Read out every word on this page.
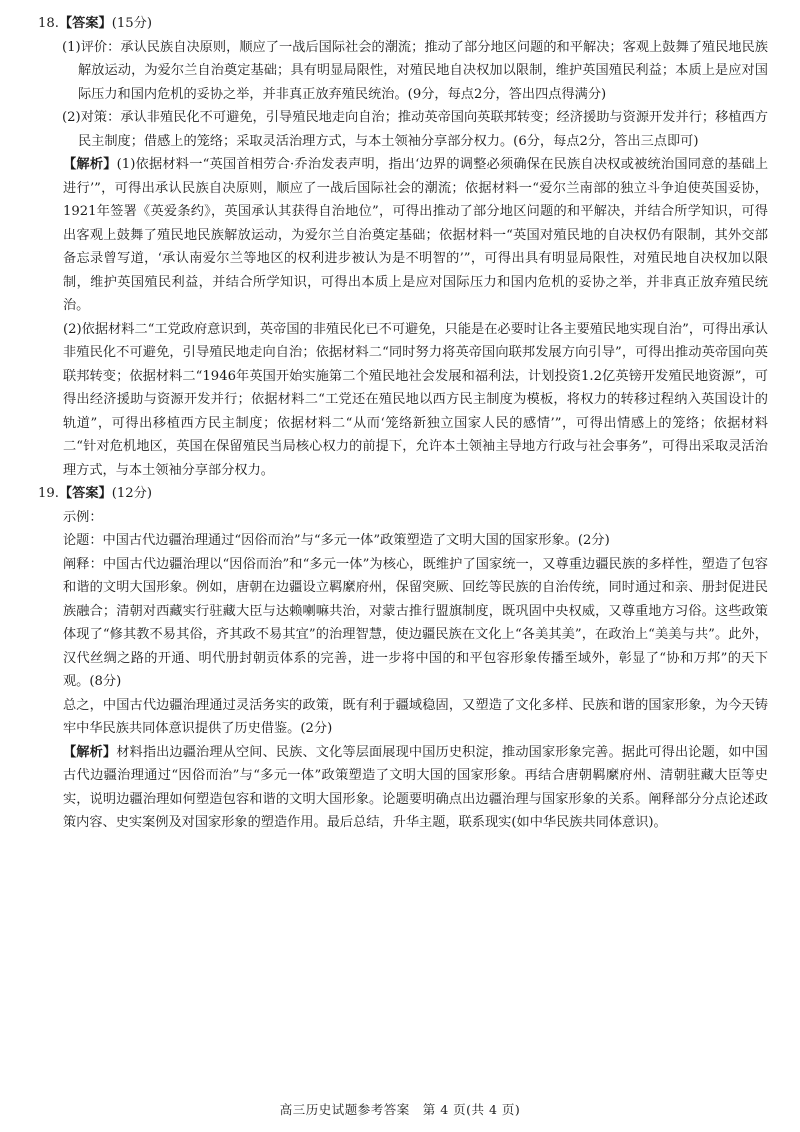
18.【答案】(15分)

(1)评价：承认民族自决原则，顺应了一战后国际社会的潮流；推动了部分地区问题的和平解决；客观上鼓舞了殖民地民族解放运动，为爱尔兰自治奠定基础；具有明显局限性，对殖民地自决权加以限制，维护英国殖民利益；本质上是应对国际压力和国内危机的妥协之举，并非真正放弃殖民统治。(9分，每点2分，答出四点得满分)

(2)对策：承认非殖民化不可避免，引导殖民地走向自治；推动英帝国向英联邦转变；经济援助与资源开发并行；移植西方民主制度；借感上的笼络；采取灵活治理方式，与本土领袖分享部分权力。(6分，每点2分，答出三点即可)

【解析】(1)依据材料一“英国首相劳合·乔治发表声明，指出‘边界的调整必须确保在民族自决权或被统治国同意的基础上进行’”，可得出承认民族自决原则，顺应了一战后国际社会的潮流；依据材料一“爱尔兰南部的独立斗争迫使英国妥协，1921年签署《英爱条约》，英国承认其获得自治地位”，可得出推动了部分地区问题的和平解决，并结合所学知识，可得出客观上鼓舞了殖民地民族解放运动，为爱尔兰自治奠定基础；依据材料一“英国对殖民地的自决权仍有限制，其外交部备忘录曾写道，‘承认南爱尔兰等地区的权利进步被认为是不明智的’”，可得出具有明显局限性，对殖民地自决权加以限制，维护英国殖民利益，并结合所学知识，可得出本质上是应对国际压力和国内危机的妥协之举，并非真正放弃殖民统治。

(2)依据材料二“工党政府意识到，英帝国的非殖民化已不可避免，只能是在必要时让各主要殖民地实现自治”，可得出承认非殖民化不可避免，引导殖民地走向自治；依据材料二“同时努力将英帝国向联邦发展方向引导”，可得出推动英帝国向英联邦转变；依据材料二“1946年英国开始实施第二个殖民地社会发展和福利法，计划投资1.2亿英镑开发殖民地资源”，可得出经济援助与资源开发并行；依据材料二“工党还在殖民地以西方民主制度为模板，将权力的转移过程纳入英国设计的轨道”，可得出移植西方民主制度；依据材料二“从而‘笼络新独立国家人民的感情’”，可得出情感上的笼络；依据材料二“针对危机地区，英国在保留殖民当局核心权力的前提下，允许本土领袖主导地方行政与社会事务”，可得出采取灵活治理方式，与本土领袖分享部分权力。

19.【答案】(12分)

示例：

论题：中国古代边疆治理通过“因俗而治”与“多元一体”政策塑造了文明大国的国家形象。(2分)

阐释：中国古代边疆治理以“因俗而治”和“多元一体”为核心，既维护了国家统一，又尊重边疆民族的多样性，塑造了包容和谐的文明大国形象。例如，唐朝在边疆设立羁縻府州，保留突厥、回纥等民族的自治传统，同时通过和亲、册封促进民族融合；清朝对西藏实行驻藏大臣与达赖喇嘛共治，对蒙古推行盟旗制度，既巩固中央权威，又尊重地方习俗。这些政策体现了“修其教不易其俗，齐其政不易其宜”的治理智慧，使边疆民族在文化上“各美其美”，在政治上“美美与共”。此外，汉代丝绸之路的开通、明代册封朝贡体系的完善，进一步将中国的和平包容形象传播至域外，彰显了“协和万邦”的天下观。(8分)

总之，中国古代边疆治理通过灵活务实的政策，既有利于疆域稳固，又塑造了文化多样、民族和谐的国家形象，为今天铸牢中华民族共同体意识提供了历史借鉴。(2分)

【解析】材料指出边疆治理从空间、民族、文化等层面展现中国历史积淀，推动国家形象完善。据此可得出论题，如中国古代边疆治理通过“因俗而治”与“多元一体”政策塑造了文明大国的国家形象。再结合唐朝羁縻府州、清朝驻藏大臣等史实，说明边疆治理如何塑造包容和谐的文明大国形象。论题要明确点出边疆治理与国家形象的关系。阐释部分分点论述政策内容、史实案例及对国家形象的塑造作用。最后总结，升华主题，联系现实(如中华民族共同体意识)。

高三历史试题参考答案　第 4 页(共 4 页)
